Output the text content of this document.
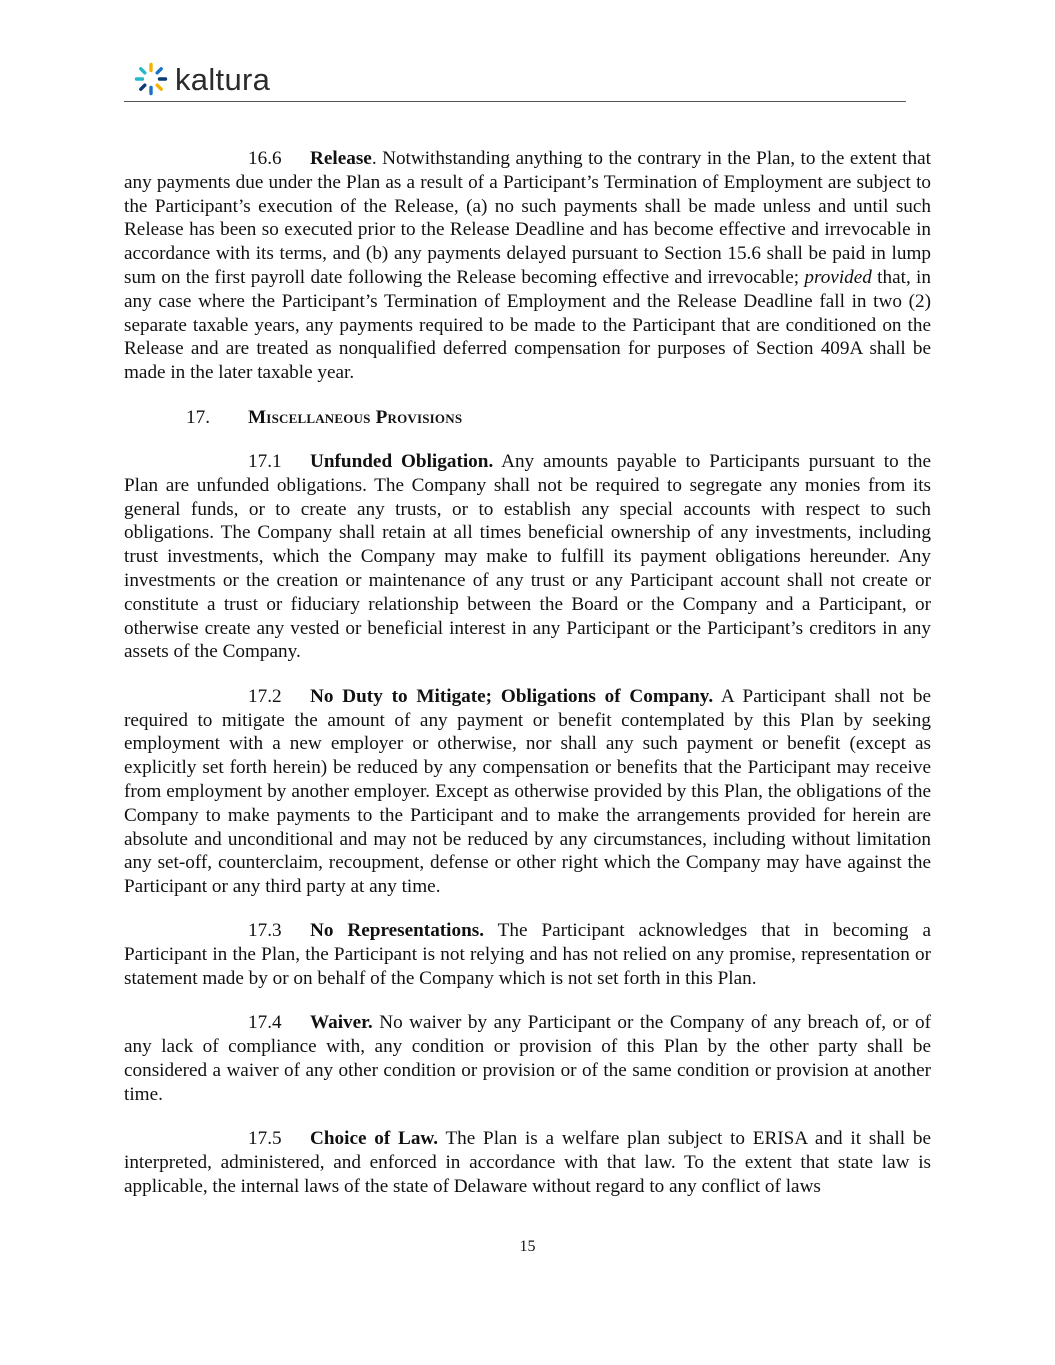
kaltura

16.6 Release. Notwithstanding anything to the contrary in the Plan, to the extent that any payments due under the Plan as a result of a Participant’s Termination of Employment are subject to the Participant’s execution of the Release, (a) no such payments shall be made unless and until such Release has been so executed prior to the Release Deadline and has become effective and irrevocable in accordance with its terms, and (b) any payments delayed pursuant to Section 15.6 shall be paid in lump sum on the first payroll date following the Release becoming effective and irrevocable; provided that, in any case where the Participant’s Termination of Employment and the Release Deadline fall in two (2) separate taxable years, any payments required to be made to the Participant that are conditioned on the Release and are treated as nonqualified deferred compensation for purposes of Section 409A shall be made in the later taxable year.

17. Miscellaneous Provisions

17.1 Unfunded Obligation. Any amounts payable to Participants pursuant to the Plan are unfunded obligations. The Company shall not be required to segregate any monies from its general funds, or to create any trusts, or to establish any special accounts with respect to such obligations. The Company shall retain at all times beneficial ownership of any investments, including trust investments, which the Company may make to fulfill its payment obligations hereunder. Any investments or the creation or maintenance of any trust or any Participant account shall not create or constitute a trust or fiduciary relationship between the Board or the Company and a Participant, or otherwise create any vested or beneficial interest in any Participant or the Participant’s creditors in any assets of the Company.

17.2 No Duty to Mitigate; Obligations of Company. A Participant shall not be required to mitigate the amount of any payment or benefit contemplated by this Plan by seeking employment with a new employer or otherwise, nor shall any such payment or benefit (except as explicitly set forth herein) be reduced by any compensation or benefits that the Participant may receive from employment by another employer. Except as otherwise provided by this Plan, the obligations of the Company to make payments to the Participant and to make the arrangements provided for herein are absolute and unconditional and may not be reduced by any circumstances, including without limitation any set-off, counterclaim, recoupment, defense or other right which the Company may have against the Participant or any third party at any time.

17.3 No Representations. The Participant acknowledges that in becoming a Participant in the Plan, the Participant is not relying and has not relied on any promise, representation or statement made by or on behalf of the Company which is not set forth in this Plan.

17.4 Waiver. No waiver by any Participant or the Company of any breach of, or of any lack of compliance with, any condition or provision of this Plan by the other party shall be considered a waiver of any other condition or provision or of the same condition or provision at another time.

17.5 Choice of Law. The Plan is a welfare plan subject to ERISA and it shall be interpreted, administered, and enforced in accordance with that law. To the extent that state law is applicable, the internal laws of the state of Delaware without regard to any conflict of laws

15
